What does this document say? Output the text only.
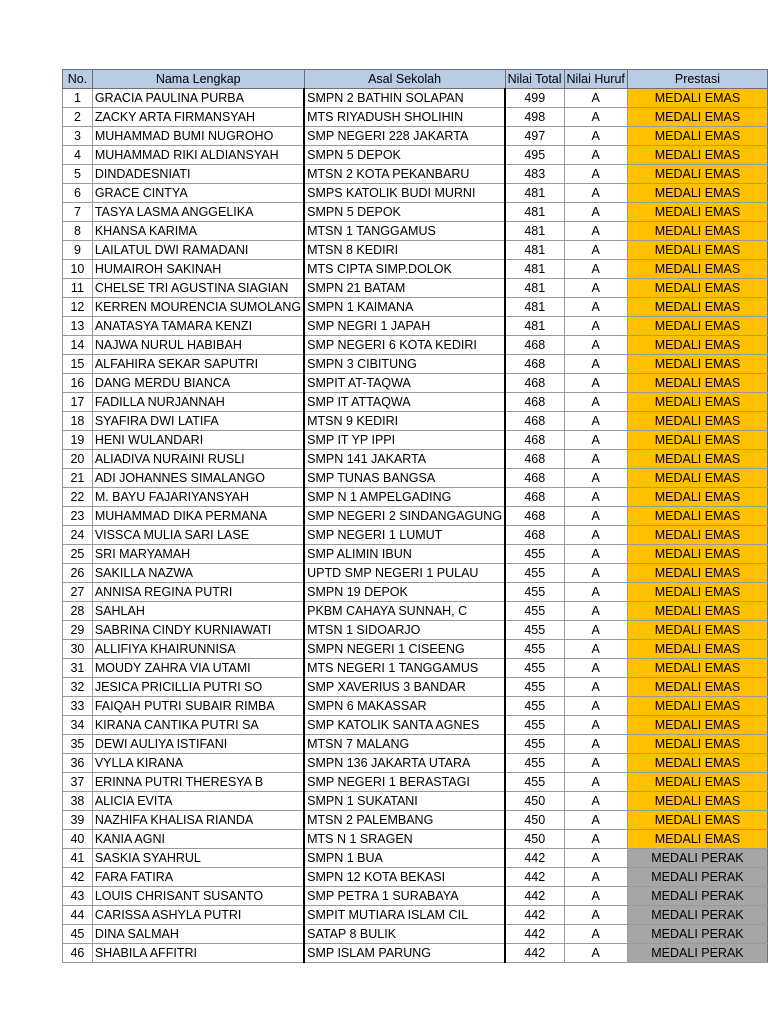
No.	Nama Lengkap	Asal Sekolah	Nilai Total	Nilai Huruf	Prestasi
1	GRACIA PAULINA PURBA	SMPN 2 BATHIN SOLAPAN	499	A	MEDALI EMAS
2	ZACKY ARTA FIRMANSYAH	MTS RIYADUSH SHOLIHIN	498	A	MEDALI EMAS
3	MUHAMMAD BUMI NUGROHO	SMP NEGERI 228 JAKARTA	497	A	MEDALI EMAS
4	MUHAMMAD RIKI ALDIANSYAH	SMPN 5 DEPOK	495	A	MEDALI EMAS
5	DINDADESNIATI	MTSN 2 KOTA PEKANBARU	483	A	MEDALI EMAS
6	GRACE CINTYA	SMPS KATOLIK BUDI MURNI	481	A	MEDALI EMAS
7	TASYA LASMA ANGGELIKA	SMPN 5 DEPOK	481	A	MEDALI EMAS
8	KHANSA KARIMA	MTSN 1 TANGGAMUS	481	A	MEDALI EMAS
9	LAILATUL DWI RAMADANI	MTSN 8 KEDIRI	481	A	MEDALI EMAS
10	HUMAIROH SAKINAH	MTS CIPTA SIMP.DOLOK	481	A	MEDALI EMAS
11	CHELSE TRI AGUSTINA SIAGIAN	SMPN 21 BATAM	481	A	MEDALI EMAS
12	KERREN MOURENCIA SUMOLANG	SMPN 1 KAIMANA	481	A	MEDALI EMAS
13	ANATASYA TAMARA KENZI	SMP NEGRI 1 JAPAH	481	A	MEDALI EMAS
14	NAJWA NURUL HABIBAH	SMP NEGERI 6 KOTA KEDIRI	468	A	MEDALI EMAS
15	ALFAHIRA SEKAR SAPUTRI	SMPN 3 CIBITUNG	468	A	MEDALI EMAS
16	DANG MERDU BIANCA	SMPIT AT-TAQWA	468	A	MEDALI EMAS
17	FADILLA NURJANNAH	SMP IT ATTAQWA	468	A	MEDALI EMAS
18	SYAFIRA DWI LATIFA	MTSN 9 KEDIRI	468	A	MEDALI EMAS
19	HENI WULANDARI	SMP IT YP IPPI	468	A	MEDALI EMAS
20	ALIADIVA NURAINI RUSLI	SMPN 141 JAKARTA	468	A	MEDALI EMAS
21	ADI JOHANNES SIMALANGO	SMP TUNAS BANGSA	468	A	MEDALI EMAS
22	M. BAYU FAJARIYANSYAH	SMP N 1 AMPELGADING	468	A	MEDALI EMAS
23	MUHAMMAD DIKA PERMANA	SMP NEGERI 2 SINDANGAGUNG	468	A	MEDALI EMAS
24	VISSCA MULIA SARI LASE	SMP NEGERI 1 LUMUT	468	A	MEDALI EMAS
25	SRI MARYAMAH	SMP ALIMIN IBUN	455	A	MEDALI EMAS
26	SAKILLA NAZWA	UPTD SMP NEGERI 1 PULAU	455	A	MEDALI EMAS
27	ANNISA REGINA PUTRI	SMPN 19 DEPOK	455	A	MEDALI EMAS
28	SAHLAH	PKBM CAHAYA SUNNAH, C	455	A	MEDALI EMAS
29	SABRINA CINDY KURNIAWATI	MTSN 1 SIDOARJO	455	A	MEDALI EMAS
30	ALLIFIYA KHAIRUNNISA	SMPN NEGERI 1 CISEENG	455	A	MEDALI EMAS
31	MOUDY ZAHRA VIA UTAMI	MTS NEGERI 1 TANGGAMUS	455	A	MEDALI EMAS
32	JESICA PRICILLIA PUTRI SO	SMP XAVERIUS 3 BANDAR	455	A	MEDALI EMAS
33	FAIQAH PUTRI SUBAIR RIMBA	SMPN 6 MAKASSAR	455	A	MEDALI EMAS
34	KIRANA CANTIKA PUTRI SA	SMP KATOLIK SANTA AGNES	455	A	MEDALI EMAS
35	DEWI AULIYA ISTIFANI	MTSN 7 MALANG	455	A	MEDALI EMAS
36	VYLLA KIRANA	SMPN 136 JAKARTA UTARA	455	A	MEDALI EMAS
37	ERINNA PUTRI THERESYA B	SMP NEGERI 1 BERASTAGI	455	A	MEDALI EMAS
38	ALICIA EVITA	SMPN 1 SUKATANI	450	A	MEDALI EMAS
39	NAZHIFA KHALISA RIANDA	MTSN 2 PALEMBANG	450	A	MEDALI EMAS
40	KANIA AGNI	MTS N 1 SRAGEN	450	A	MEDALI EMAS
41	SASKIA SYAHRUL	SMPN 1 BUA	442	A	MEDALI PERAK
42	FARA FATIRA	SMPN 12 KOTA BEKASI	442	A	MEDALI PERAK
43	LOUIS CHRISANT SUSANTO	SMP PETRA 1 SURABAYA	442	A	MEDALI PERAK
44	CARISSA ASHYLA PUTRI	SMPIT MUTIARA ISLAM CIL	442	A	MEDALI PERAK
45	DINA SALMAH	SATAP 8 BULIK	442	A	MEDALI PERAK
46	SHABILA AFFITRI	SMP ISLAM PARUNG	442	A	MEDALI PERAK
